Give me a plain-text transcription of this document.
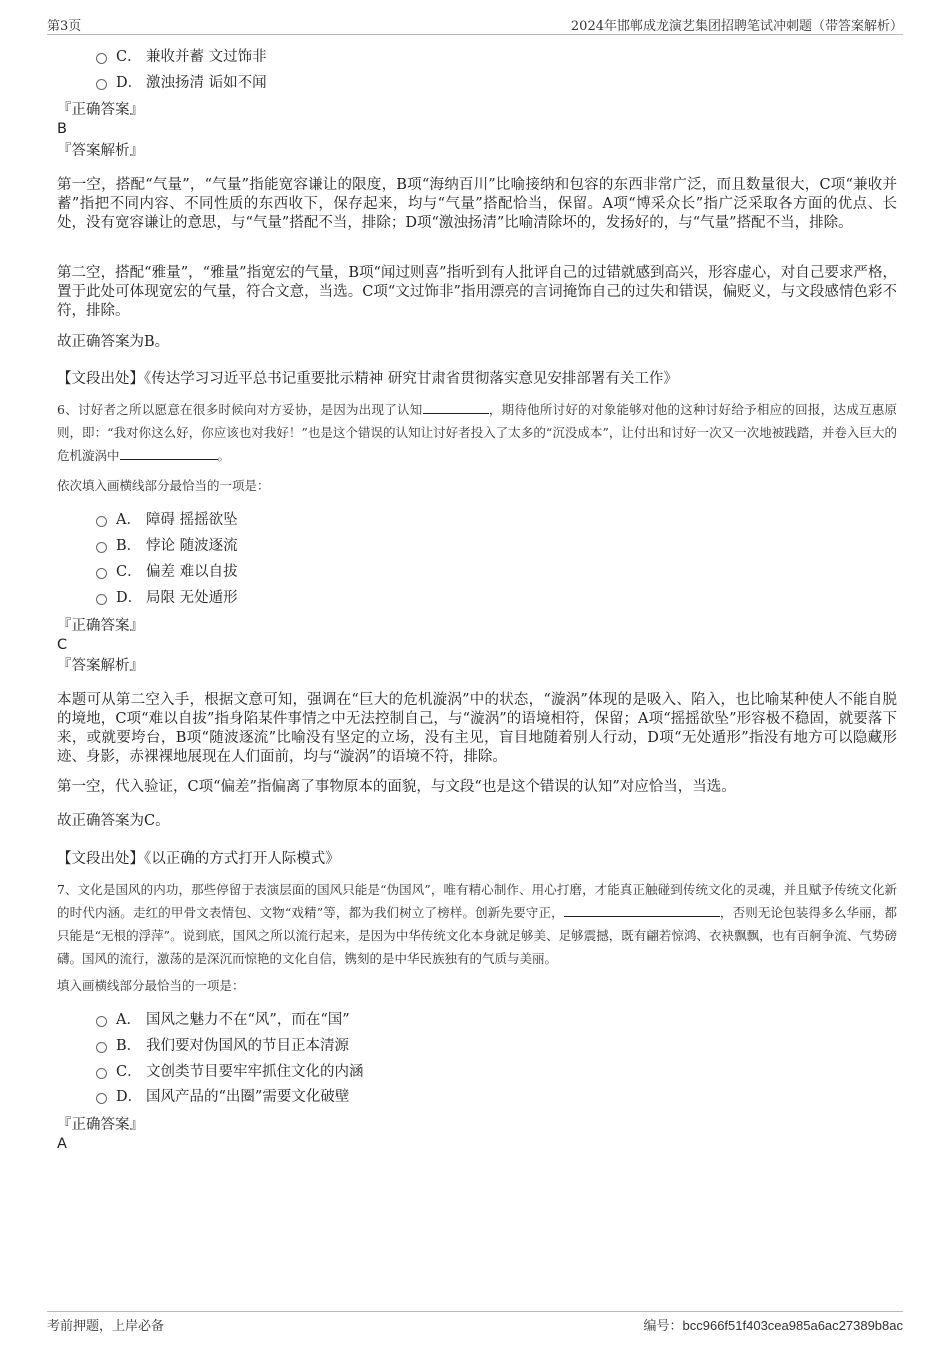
第3页	2024年邯郸成龙演艺集团招聘笔试冲刺题（带答案解析）
C． 兼收并蓄 文过饰非
D． 激浊扬清 诟如不闻
『正确答案』
B
『答案解析』
第一空，搭配“气量”，“气量”指能宽容谦让的限度，B项“海纳百川”比喻接纳和包容的东西非常广泛，而且数量很大，C项“兼收并蓄”指把不同内容、不同性质的东西收下，保存起来，均与“气量”搭配恰当，保留。A项“博采众长”指广泛采取各方面的优点、长处，没有宽容谦让的意思，与“气量”搭配不当，排除；D项“激浊扬清”比喻清除坏的，发扬好的，与“气量”搭配不当，排除。
第二空，搭配“雅量”，“雅量”指宽宏的气量，B项“闻过则喜”指听到有人批评自己的过错就感到高兴，形容虚心，对自己要求严格，置于此处可体现宽宏的气量，符合文意，当选。C项“文过饰非”指用漂亮的言词掩饰自己的过失和错误，偏贬义，与文段感情色彩不符，排除。
故正确答案为B。
【文段出处】《传达学习习近平总书记重要批示精神 研究甘肃省贯彻落实意见安排部署有关工作》
6、讨好者之所以愿意在很多时候向对方妥协，是因为出现了认知	，期待他所讨好的对象能够对他的这种讨好给予相应的回报，达成互惠原则，即：“我对你这么好，你应该也对我好！”也是这个错误的认知让讨好者投入了太多的“沉没成本”，让付出和讨好一次又一次地被践踏，并卷入巨大的危机漩涡中	。
依次填入画横线部分最恰当的一项是：
A． 障碍 摇摇欲坠
B． 悖论 随波逐流
C． 偏差 难以自拔
D． 局限 无处遁形
『正确答案』
C
『答案解析』
本题可从第二空入手，根据文意可知，强调在“巨大的危机漩涡”中的状态，“漩涡”体现的是吸入、陷入，也比喻某种使人不能自脱的境地，C项“难以自拔”指身陷某件事情之中无法控制自己，与“漩涡”的语境相符，保留；A项“摇摇欲坠”形容极不稳固，就要落下来，或就要垮台，B项“随波逐流”比喻没有坚定的立场，没有主见，盲目地随着别人行动，D项“无处遁形”指没有地方可以隐藏形迹、身影，赤裸裸地展现在人们面前，均与“漩涡”的语境不符，排除。
第一空，代入验证，C项“偏差”指偏离了事物原本的面貌，与文段“也是这个错误的认知”对应恰当，当选。
故正确答案为C。
【文段出处】《以正确的方式打开人际模式》
7、文化是国风的内功，那些停留于表演层面的国风只能是“伪国风”，唯有精心制作、用心打磨，才能真正触碰到传统文化的灵魂，并且赋予传统文化新的时代内涵。走红的甲骨文表情包、文物“戏精”等，都为我们树立了榜样。创新先要守正，	，否则无论包装得多么华丽，都只能是“无根的浮萍”。说到底，国风之所以流行起来，是因为中华传统文化本身就足够美、足够震撼，既有翩若惊鸿、衣袂飘飘，也有百舸争流、气势磅礴。国风的流行，激荡的是深沉而惊艳的文化自信，镌刻的是中华民族独有的气质与美丽。
填入画横线部分最恰当的一项是：
A． 国风之魅力不在“风”，而在“国”
B． 我们要对伪国风的节目正本清源
C． 文创类节目要牢牢抓住文化的内涵
D． 国风产品的“出圈”需要文化破壁
『正确答案』
A
考前押题，上岸必备	编号：bcc966f51f403cea985a6ac27389b8ac
